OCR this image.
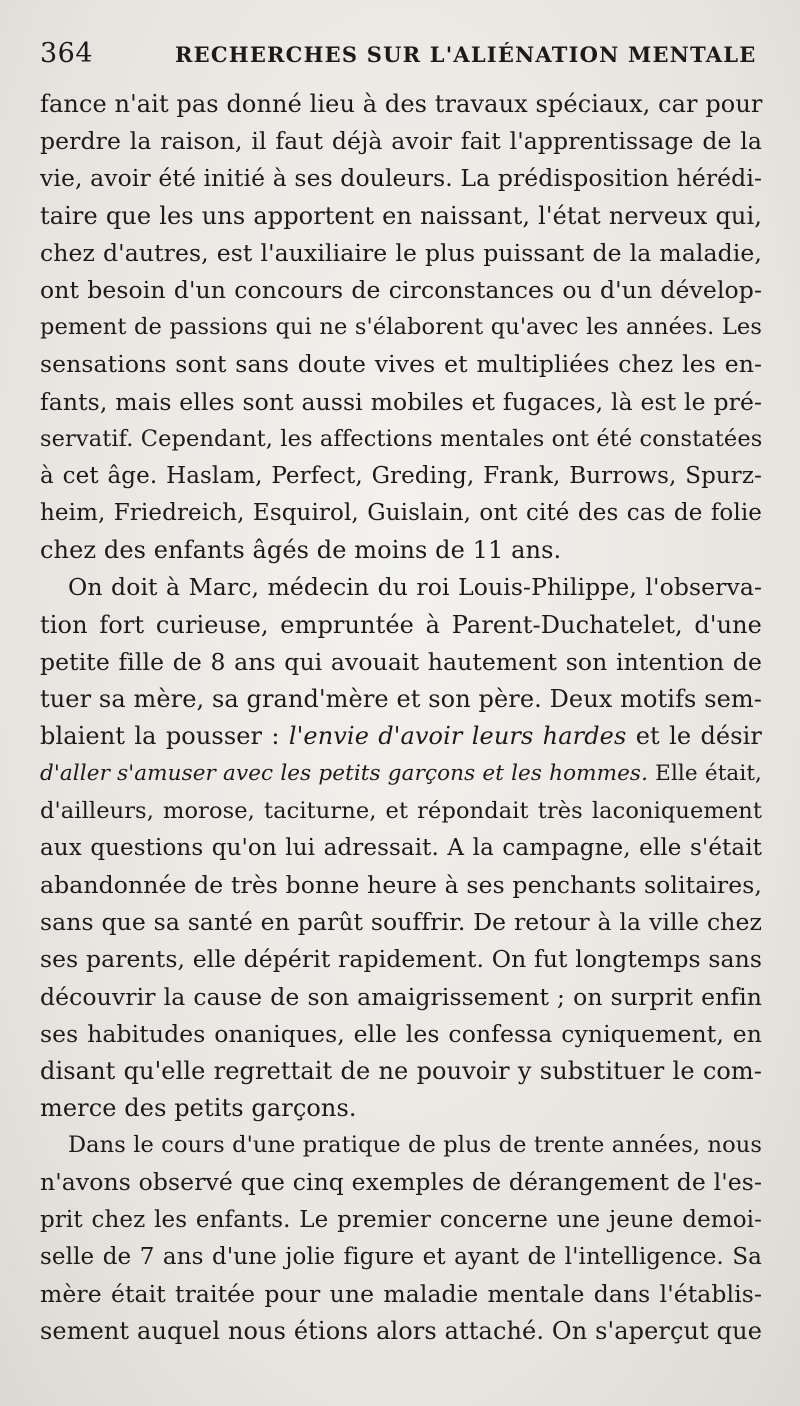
364	RECHERCHES SUR L'ALIÉNATION MENTALE
fance n'ait pas donné lieu à des travaux spéciaux, car pour
perdre la raison, il faut déjà avoir fait l'apprentissage de la
vie, avoir été initié à ses douleurs. La prédisposition hérédi-
taire que les uns apportent en naissant, l'état nerveux qui,
chez d'autres, est l'auxiliaire le plus puissant de la maladie,
ont besoin d'un concours de circonstances ou d'un dévelop-
pement de passions qui ne s'élaborent qu'avec les années. Les
sensations sont sans doute vives et multipliées chez les en-
fants, mais elles sont aussi mobiles et fugaces, là est le pré-
servatif. Cependant, les affections mentales ont été constatées
à cet âge. Haslam, Perfect, Greding, Frank, Burrows, Spurz-
heim, Friedreich, Esquirol, Guislain, ont cité des cas de folie
chez des enfants âgés de moins de 11 ans.
On doit à Marc, médecin du roi Louis-Philippe, l'observa-
tion fort curieuse, empruntée à Parent-Duchatelet, d'une
petite fille de 8 ans qui avouait hautement son intention de
tuer sa mère, sa grand'mère et son père. Deux motifs sem-
blaient la pousser : l'envie d'avoir leurs hardes et le désir
d'aller s'amuser avec les petits garçons et les hommes. Elle était,
d'ailleurs, morose, taciturne, et répondait très laconiquement
aux questions qu'on lui adressait. A la campagne, elle s'était
abandonnée de très bonne heure à ses penchants solitaires,
sans que sa santé en parût souffrir. De retour à la ville chez
ses parents, elle dépérit rapidement. On fut longtemps sans
découvrir la cause de son amaigrissement ; on surprit enfin
ses habitudes onaniques, elle les confessa cyniquement, en
disant qu'elle regrettait de ne pouvoir y substituer le com-
merce des petits garçons.
Dans le cours d'une pratique de plus de trente années, nous
n'avons observé que cinq exemples de dérangement de l'es-
prit chez les enfants. Le premier concerne une jeune demoi-
selle de 7 ans d'une jolie figure et ayant de l'intelligence. Sa
mère était traitée pour une maladie mentale dans l'établis-
sement auquel nous étions alors attaché. On s'aperçut que
